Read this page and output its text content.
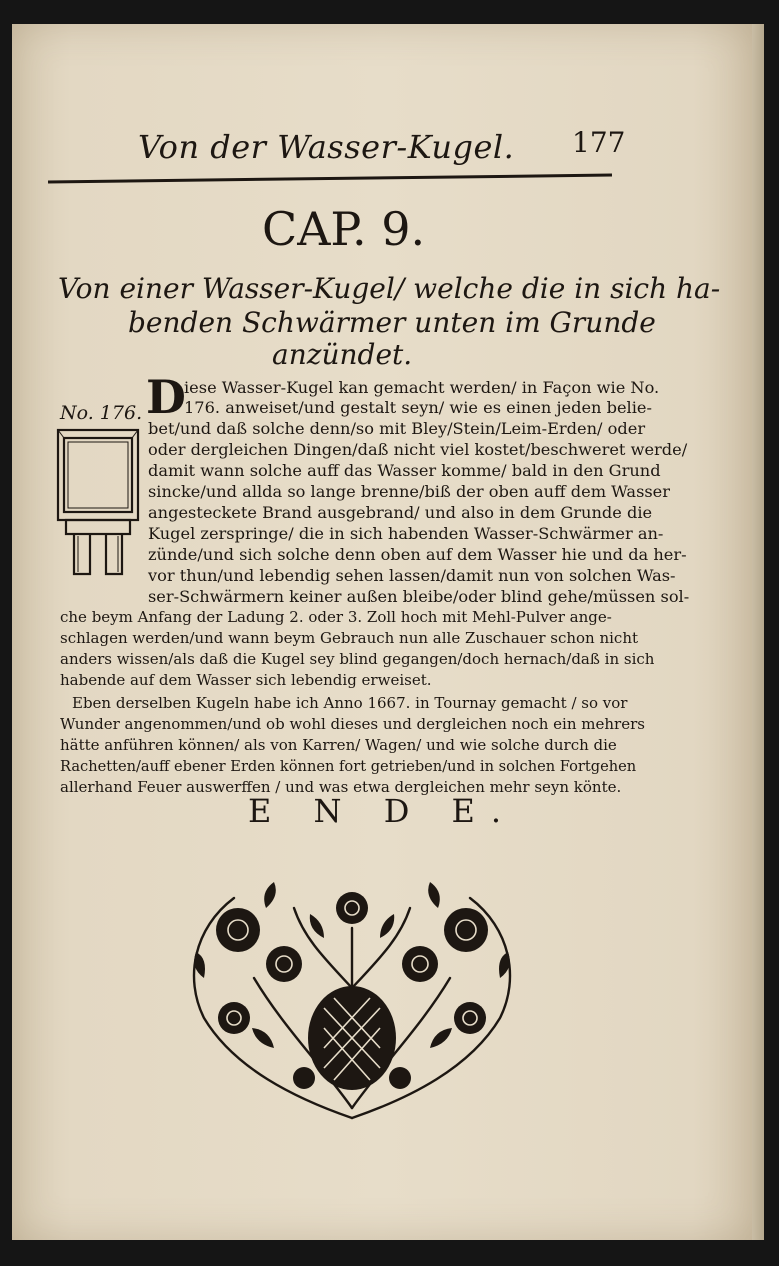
Von der Wasser-Kugel. 177
CAP. 9.
Von einer Wasser-Kugel/ welche die in sich ha-
benden Schwärmer unten im Grunde
anzündet.
No. 176. D
iese Wasser-Kugel kan gemacht werden/ in Façon wie No.
176. anweiset/und gestalt seyn/ wie es einen jeden belie-
bet/und daß solche denn/so mit Bley/Stein/Leim-Erden/ oder
oder dergleichen Dingen/daß nicht viel kostet/beschweret werde/
damit wann solche auff das Wasser komme/ bald in den Grund
sincke/und allda so lange brenne/biß der oben auff dem Wasser
angesteckete Brand ausgebrand/ und also in dem Grunde die
Kugel zerspringe/ die in sich habenden Wasser-Schwärmer an-
zünde/und sich solche denn oben auf dem Wasser hie und da her-
vor thun/und lebendig sehen lassen/damit nun von solchen Was-
ser-Schwärmern keiner außen bleibe/oder blind gehe/müssen sol-
che beym Anfang der Ladung 2. oder 3. Zoll hoch mit Mehl-Pulver ange-
schlagen werden/und wann beym Gebrauch nun alle Zuschauer schon nicht
anders wissen/als daß die Kugel sey blind gegangen/doch hernach/daß in sich
habende auf dem Wasser sich lebendig erweiset.
Eben derselben Kugeln habe ich Anno 1667. in Tournay gemacht / so vor
Wunder angenommen/und ob wohl dieses und dergleichen noch ein mehrers
hätte anführen können/ als von Karren/ Wagen/ und wie solche durch die
Rachetten/auff ebener Erden können fort getrieben/und in solchen Fortgehen
allerhand Feuer auswerffen / und was etwa dergleichen mehr seyn könte.
E N D E.
